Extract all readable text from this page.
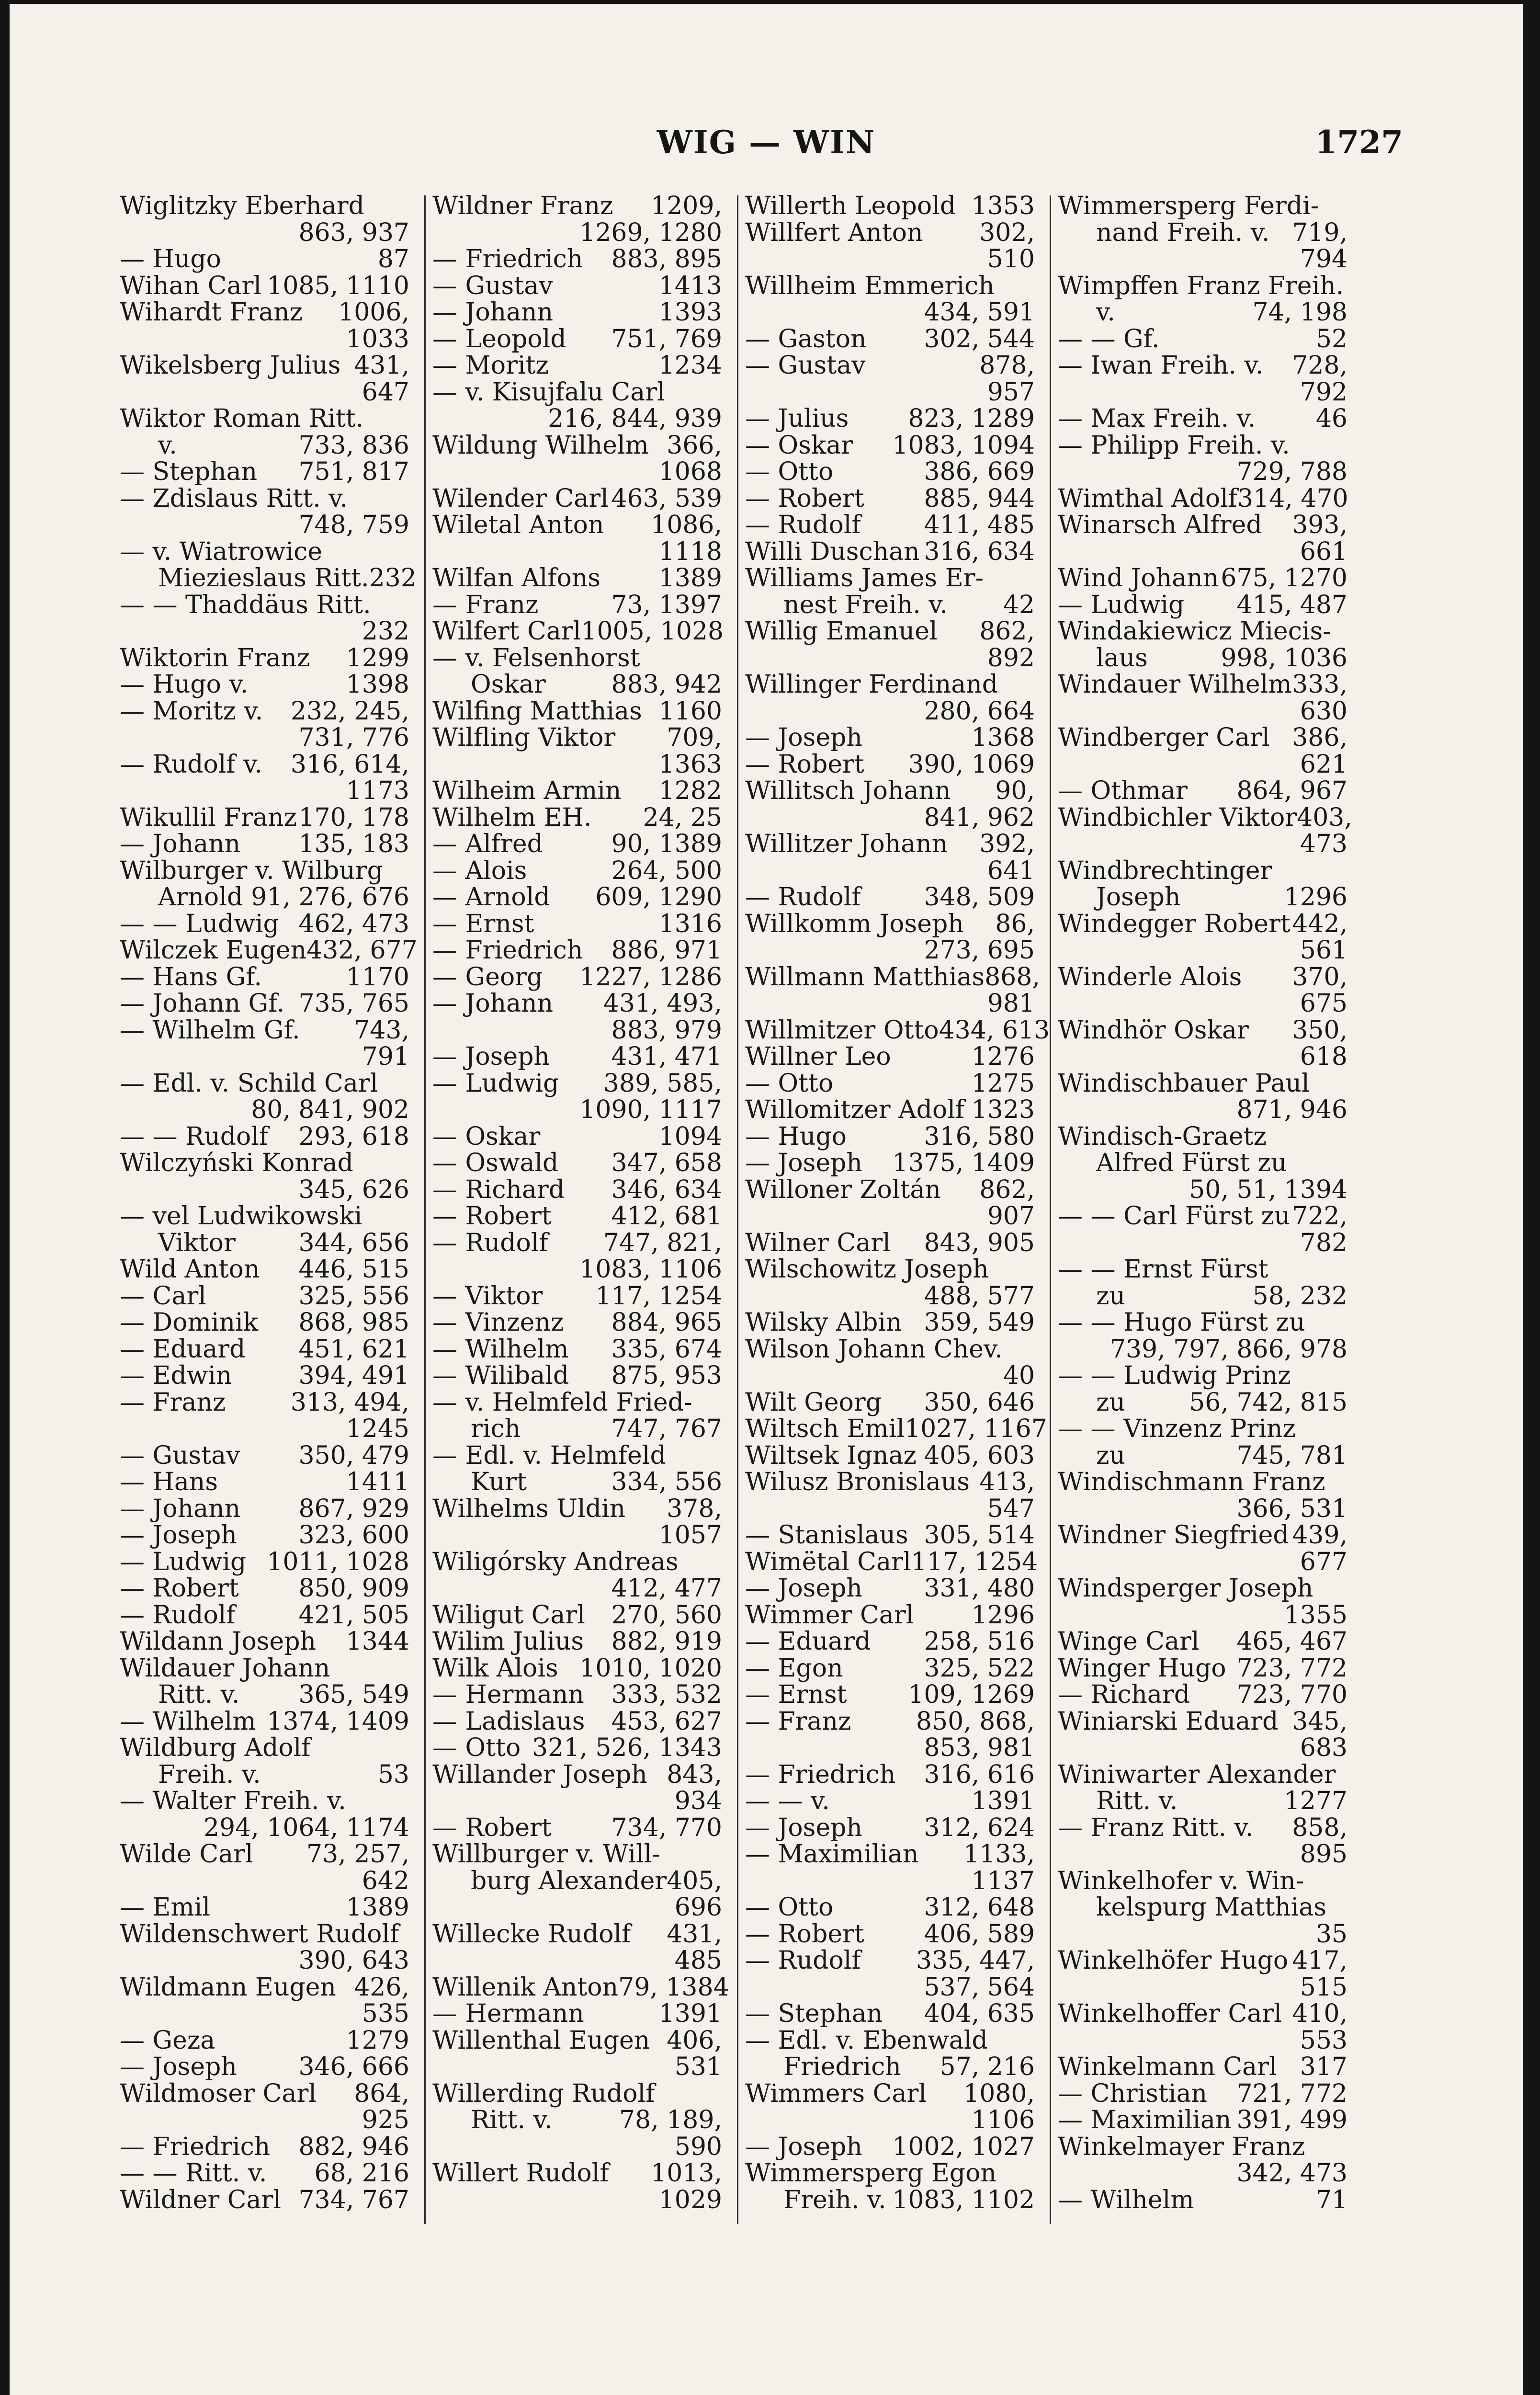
WIG — WIN	1727
Wiglitzky Eberhard
863, 937
— Hugo	87
Wihan Carl 1085, 1110
Wihardt Franz 1006,
1033
Wikelsberg Julius 431,
647
Wiktor Roman Ritt.
v.	733, 836
— Stephan 751, 817
— Zdislaus Ritt. v.
748, 759
— v. Wiatrowice
Miezieslaus Ritt. 232
— — Thaddäus Ritt.
232
Wiktorin Franz 1299
— Hugo v.	1398
— Moritz v. 232, 245,
731, 776
— Rudolf v. 316, 614,
1173
Wikullil Franz 170, 178
— Johann 135, 183
Wilburger v. Wilburg
Arnold 91, 276, 676
— — Ludwig 462, 473
Wilczek Eugen 432, 677
— Hans Gf.	1170
— Johann Gf. 735, 765
— Wilhelm Gf. 743,
791
— Edl. v. Schild Carl
80, 841, 902
— — Rudolf 293, 618
Wilczyński Konrad
345, 626
— vel Ludwikowski
Viktor	344, 656
Wild Anton 446, 515
— Carl	325, 556
— Dominik 868, 985
— Eduard 451, 621
— Edwin	394, 491
— Franz	313, 494,
1245
— Gustav 350, 479
— Hans	1411
— Johann 867, 929
— Joseph 323, 600
— Ludwig 1011, 1028
— Robert 850, 909
— Rudolf	421, 505
Wildann Joseph 1344
Wildauer Johann
Ritt. v. 365, 549
— Wilhelm 1374, 1409
Wildburg Adolf
Freih. v.	53
— Walter Freih. v.
294, 1064, 1174
Wilde Carl 73, 257,
642
— Emil	1389
Wildenschwert Rudolf
390, 643
Wildmann Eugen 426,
535
— Geza	1279
— Joseph 346, 666
Wildmoser Carl 864,
925
— Friedrich 882, 946
— — Ritt. v. 68, 216
Wildner Carl 734, 767
Wildner Franz 1209,
1269, 1280
— Friedrich 883, 895
— Gustav	1413
— Johann	1393
— Leopold 751, 769
— Moritz	1234
— v. Kisujfalu Carl
216, 844, 939
Wildung Wilhelm 366,
1068
Wilender Carl 463, 539
Wiletal Anton 1086,
1118
Wilfan Alfons 1389
— Franz	73, 1397
Wilfert Carl 1005, 1028
— v. Felsenhorst
Oskar	883, 942
Wilfing Matthias 1160
Wilfling Viktor 709,
1363
Wilheim Armin 1282
Wilhelm EH. 24, 25
— Alfred	90, 1389
— Alois	264, 500
— Arnold 609, 1290
— Ernst	1316
— Friedrich 886, 971
— Georg 1227, 1286
— Johann 431, 493,
883, 979
— Joseph 431, 471
— Ludwig 389, 585,
1090, 1117
— Oskar	1094
— Oswald 347, 658
— Richard 346, 634
— Robert 412, 681
— Rudolf 747, 821,
1083, 1106
— Viktor 117, 1254
— Vinzenz 884, 965
— Wilhelm 335, 674
— Wilibald 875, 953
— v. Helmfeld Fried-
rich	747, 767
— Edl. v. Helmfeld
Kurt	334, 556
Wilhelms Uldin 378,
1057
Wiligórsky Andreas
412, 477
Wiligut Carl 270, 560
Wilim Julius 882, 919
Wilk Alois 1010, 1020
— Hermann 333, 532
— Ladislaus 453, 627
— Otto 321, 526, 1343
Willander Joseph 843,
934
— Robert 734, 770
Willburger v. Will-
burg Alexander 405,
696
Willecke Rudolf 431,
485
Willenik Anton 79, 1384
— Hermann	1391
Willenthal Eugen 406,
531
Willerding Rudolf
Ritt. v.	78, 189,
590
Willert Rudolf 1013,
1029
Willerth Leopold 1353
Willfert Anton 302,
510
Willheim Emmerich
434, 591
— Gaston 302, 544
— Gustav	878,
957
— Julius 823, 1289
— Oskar 1083, 1094
— Otto	386, 669
— Robert 885, 944
— Rudolf	411, 485
Willi Duschan 316, 634
Williams James Er-
nest Freih. v. 42
Willig Emanuel 862,
892
Willinger Ferdinand
280, 664
— Joseph	1368
— Robert 390, 1069
Willitsch Johann 90,
841, 962
Willitzer Johann 392,
641
— Rudolf	348, 509
Willkomm Joseph 86,
273, 695
Willmann Matthias 868,
981
Willmitzer Otto 434, 613
Willner Leo	1276
— Otto	1275
Willomitzer Adolf 1323
— Hugo	316, 580
— Joseph 1375, 1409
Willoner Zoltán 862,
907
Wilner Carl 843, 905
Wilschowitz Joseph
488, 577
Wilsky Albin 359, 549
Wilson Johann Chev.
40
Wilt Georg 350, 646
Wiltsch Emil 1027, 1167
Wiltsek Ignaz 405, 603
Wilusz Bronislaus 413,
547
— Stanislaus 305, 514
Wimëtal Carl 117, 1254
— Joseph 331, 480
Wimmer Carl 1296
— Eduard 258, 516
— Egon	325, 522
— Ernst 109, 1269
— Franz	850, 868,
853, 981
— Friedrich 316, 616
— — v.	1391
— Joseph 312, 624
— Maximilian 1133,
1137
— Otto	312, 648
— Robert 406, 589
— Rudolf 335, 447,
537, 564
— Stephan 404, 635
— Edl. v. Ebenwald
Friedrich 57, 216
Wimmers Carl 1080,
1106
— Joseph 1002, 1027
Wimmersperg Egon
Freih. v. 1083, 1102
Wimmersperg Ferdi-
nand Freih. v. 719,
794
Wimpffen Franz Freih.
v.	74, 198
— — Gf.	52
— Iwan Freih. v. 728,
792
— Max Freih. v. 46
— Philipp Freih. v.
729, 788
Wimthal Adolf 314, 470
Winarsch Alfred 393,
661
Wind Johann 675, 1270
— Ludwig 415, 487
Windakiewicz Miecis-
laus	998, 1036
Windauer Wilhelm 333,
630
Windberger Carl 386,
621
— Othmar 864, 967
Windbichler Viktor 403,
473
Windbrechtinger
Joseph	1296
Windegger Robert 442,
561
Winderle Alois 370,
675
Windhör Oskar 350,
618
Windischbauer Paul
871, 946
Windisch-Graetz
Alfred Fürst zu
50, 51, 1394
— — Carl Fürst zu 722,
782
— — Ernst Fürst
zu	58, 232
— — Hugo Fürst zu
739, 797, 866, 978
— — Ludwig Prinz
zu	56, 742, 815
— — Vinzenz Prinz
zu	745, 781
Windischmann Franz
366, 531
Windner Siegfried 439,
677
Windsperger Joseph
1355
Winge Carl 465, 467
Winger Hugo 723, 772
— Richard 723, 770
Winiarski Eduard 345,
683
Winiwarter Alexander
Ritt. v.	1277
— Franz Ritt. v. 858,
895
Winkelhofer v. Win-
kelspurg Matthias
35
Winkelhöfer Hugo 417,
515
Winkelhoffer Carl 410,
553
Winkelmann Carl 317
— Christian 721, 772
— Maximilian 391, 499
Winkelmayer Franz
342, 473
— Wilhelm	71
